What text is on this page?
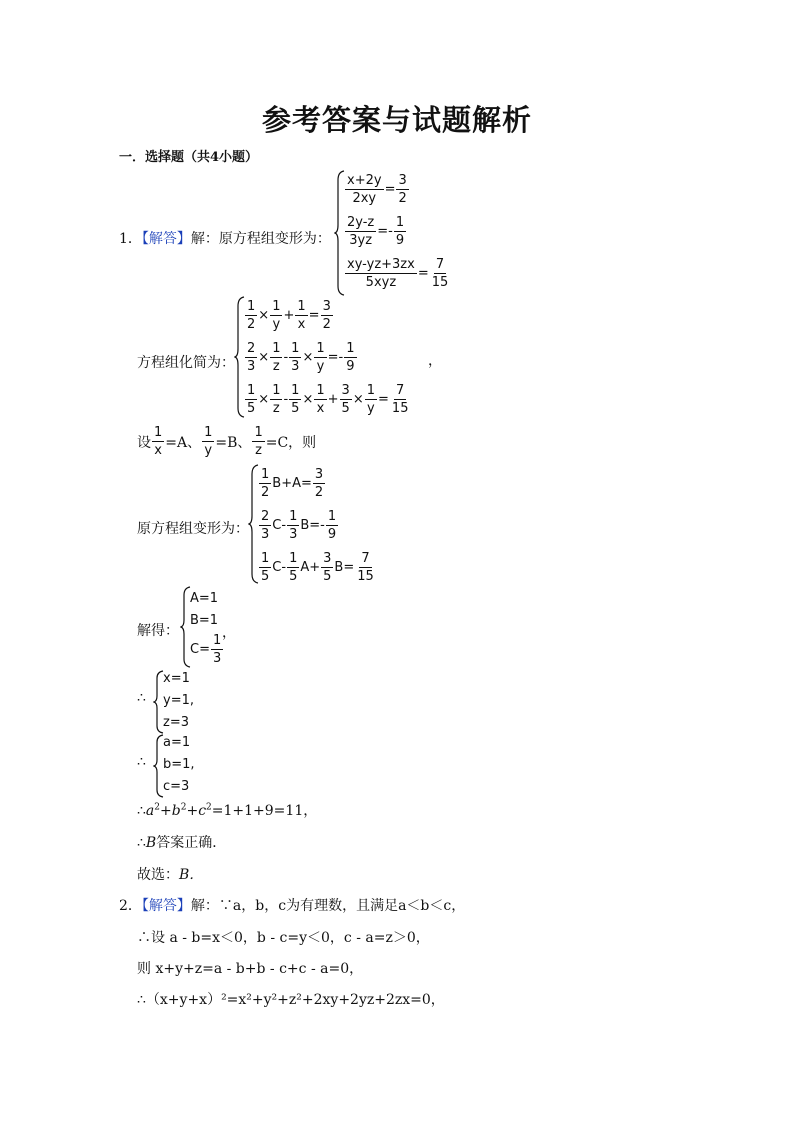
参考答案与试题解析
一．选择题（共4小题）
1．【解答】解：原方程组变形为：
$\frac{x+2y}{2xy} = \frac{3}{2}$
$\frac{2y-z}{3yz}$ =-
1
9
xy-yz+3zx
5xyz
= $\frac{7}{15}$
方程组化简为：
$\frac{1}{2} \times \frac{1}{y} + \frac{1}{x} = \frac{3}{2}$
$\frac{2}{3} \times \frac{1}{z} - \frac{1}{3} \times \frac{1}{y}$ =-
1
9
$\frac{1}{5} \times \frac{1}{z} - \frac{1}{5} \times \frac{1}{x} + \frac{3}{5} \times \frac{1}{y} = \frac{7}{15}$
，
设 $\frac{1}{x} =A$、 $\frac{1}{y} =B$、 $\frac{1}{z} =C$，则
原方程组变形为：
1
2
$B+A= \frac{3}{2}$
2
3
C-
1
3
B=-
1
9
1
5
C-
1
5
$A+ \frac{3}{5} B= \frac{7}{15}$
解得：
A=1
B=1
C=
1
3
，
∴
x=1
y=1,
z=3
∴
a=1
b=1,
c=3
$\therefore a^2+b^2+c^2=1+1+9=11$，
∴B答案正确．
故选：B．
2．【解答】解：∵a，b，c为有理数，且满足a＜b＜c，
∴设 a - b=x＜0，b - c=y＜0，c - a=z＞0，
则 x+y+z=a - b+b - c+c - a=0，
∴（x+y+x）²=x²+y²+z²+2xy+2yz+2zx=0，
